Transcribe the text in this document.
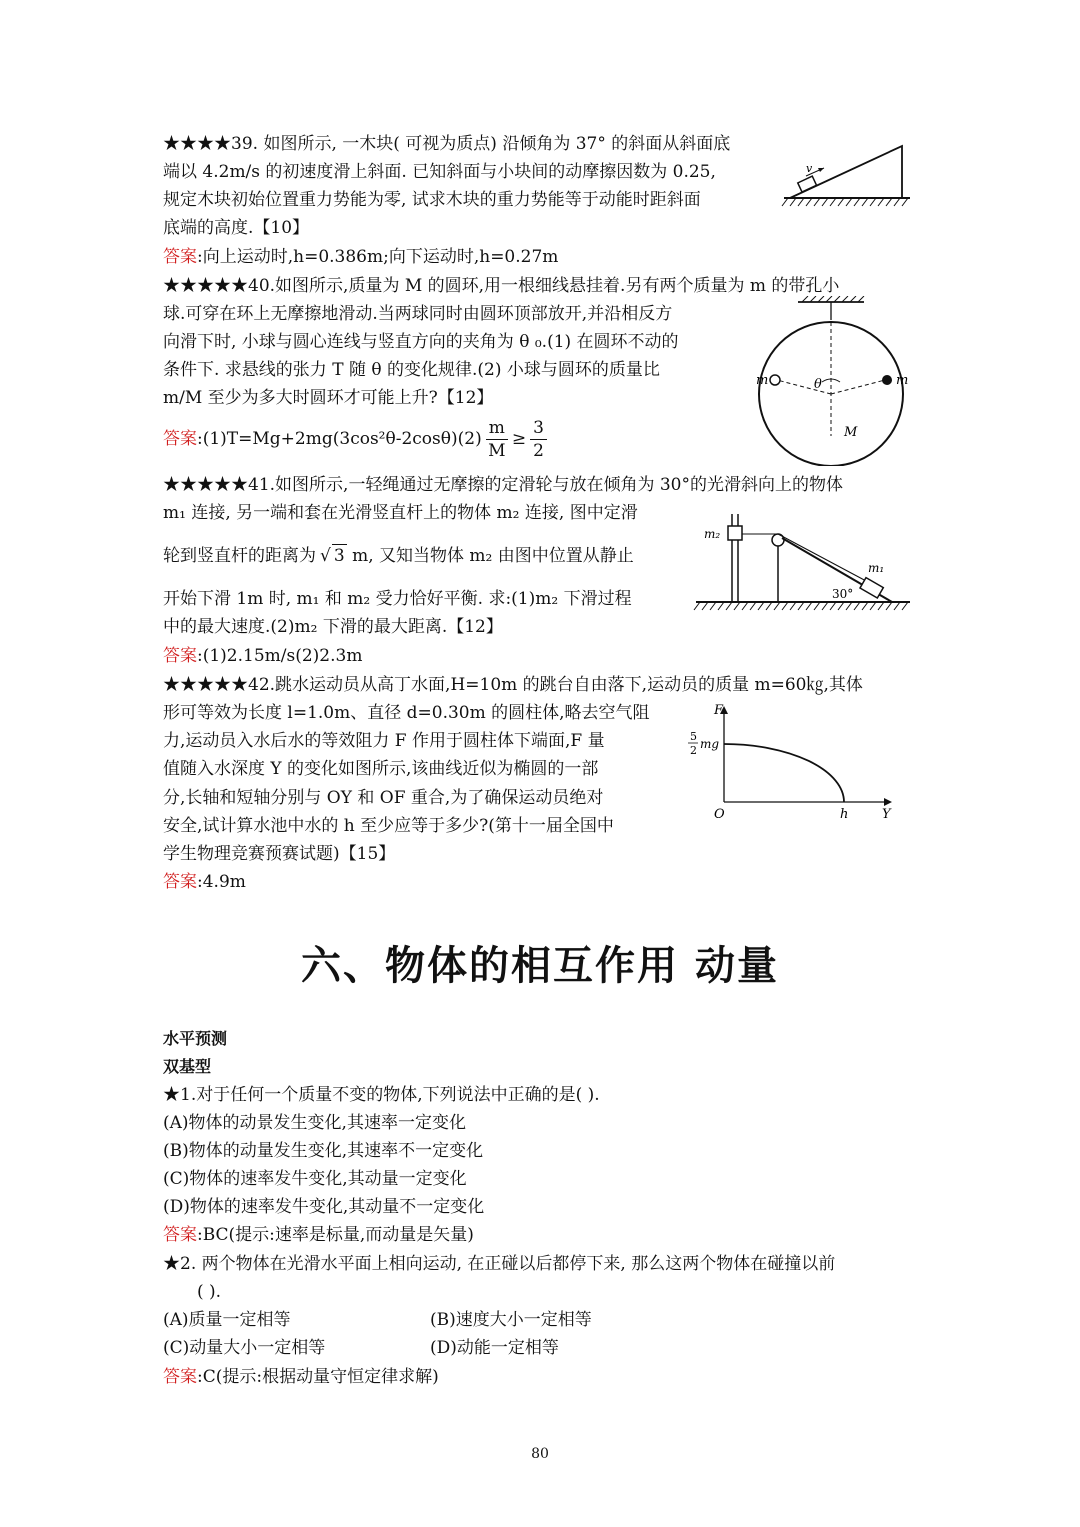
★★★★39. 如图所示, 一木块( 可视为质点) 沿倾角为 37° 的斜面从斜面底
端以 4.2m/s 的初速度滑上斜面. 已知斜面与小块间的动摩擦因数为 0.25,
规定木块初始位置重力势能为零, 试求木块的重力势能等于动能时距斜面
底端的高度.【10】
答案:向上运动时,h=0.386m;向下运动时,h=0.27m
v
★★★★★40.如图所示,质量为 M 的圆环,用一根细线悬挂着.另有两个质量为 m 的带孔小
球.可穿在环上无摩擦地滑动.当两球同时由圆环顶部放开,并沿相反方
向滑下时, 小球与圆心连线与竖直方向的夹角为 θ ₀.(1) 在圆环不动的
条件下. 求悬线的张力 T 随 θ 的变化规律.(2) 小球与圆环的质量比
m/M 至少为多大时圆环才可能上升?【12】
答案:(1)T=Mg+2mg(3cos²θ-2cosθ)(2) $\frac{m}{M} \ge \frac{3}{2}$
m	m
θ
M
★★★★★41.如图所示,一轻绳通过无摩擦的定滑轮与放在倾角为 30°的光滑斜向上的物体
m₁ 连接, 另一端和套在光滑竖直杆上的物体 m₂ 连接, 图中定滑
轮到竖直杆的距离为 √ 3 m, 又知当物体 m₂ 由图中位置从静止
开始下滑 1m 时, m₁ 和 m₂ 受力恰好平衡. 求:(1)m₂ 下滑过程
中的最大速度.(2)m₂ 下滑的最大距离.【12】
答案:(1)2.15m/s(2)2.3m
m₂
m₁
30°
★★★★★42.跳水运动员从高丁水面,H=10m 的跳台自由落下,运动员的质量 m=60㎏,其体
形可等效为长度 l=1.0m、直径 d=0.30m 的圆柱体,略去空气阻
力,运动员入水后水的等效阻力 F 作用于圆柱体下端面,F 量
值随入水深度 Y 的变化如图所示,该曲线近似为椭圆的一部
分,长轴和短轴分别与 OY 和 OF 重合,为了确保运动员绝对
安全,试计算水池中水的 h 至少应等于多少?(第十一届全国中
学生物理竞赛预赛试题)【15】
答案:4.9m
F
5
2 mg
O	h	Y
六、物体的相互作用 动量
水平预测
双基型
★1.对于任何一个质量不变的物体,下列说法中正确的是( ).
(A)物体的动景发生变化,其速率一定变化
(B)物体的动量发生变化,其速率不一定变化
(C)物体的速率发牛变化,其动量一定变化
(D)物体的速率发牛变化,其动量不一定变化
答案:BC(提示:速率是标量,而动量是矢量)
★2. 两个物体在光滑水平面上相向运动, 在正碰以后都停下来, 那么这两个物体在碰撞以前
( ).
(A)质量一定相等	(B)速度大小一定相等
(C)动量大小一定相等	(D)动能一定相等
答案:C(提示:根据动量守恒定律求解)
80
